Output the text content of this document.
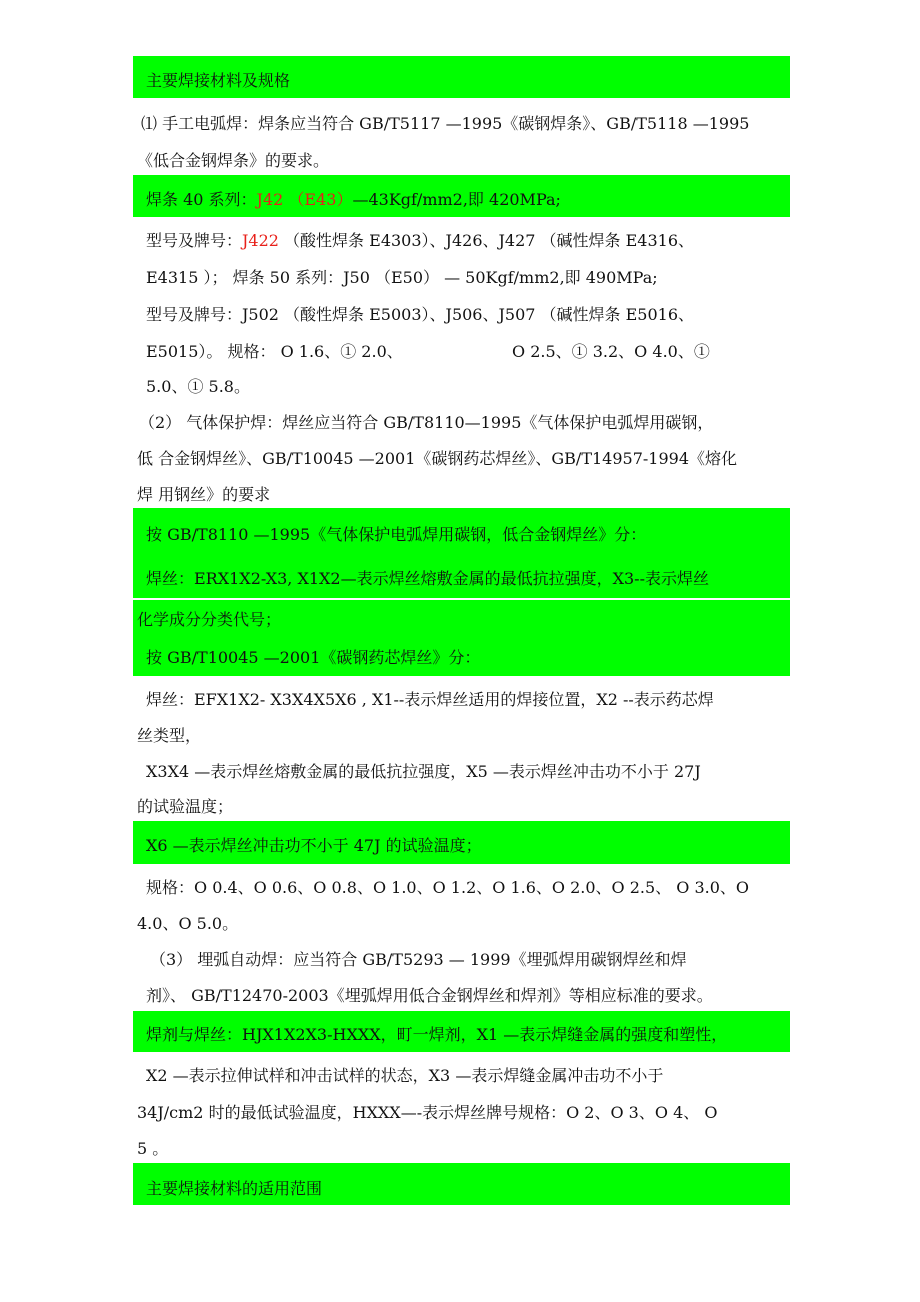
主要焊接材料及规格
⑴ 手工电弧焊：焊条应当符合 GB/T5117 —1995《碳钢焊条》、GB/T5118 —1995
《低合金钢焊条》的要求。
焊条 40 系列：J42 （E43）—43Kgf/mm2,即 420MPa;
型号及牌号：J422 （酸性焊条 E4303）、J426、J427 （碱性焊条 E4316、
E4315 ）； 焊条 50 系列：J50 （E50） — 50Kgf/mm2,即 490MPa;
型号及牌号：J502 （酸性焊条 E5003）、J506、J507 （碱性焊条 E5016、
E5015）。 规格： O 1.6、① 2.0、	O 2.5、① 3.2、O 4.0、①
5.0、① 5.8。
（2） 气体保护焊：焊丝应当符合 GB/T8110—1995《气体保护电弧焊用碳钢，
低 合金钢焊丝》、GB/T10045 —2001《碳钢药芯焊丝》、GB/T14957-1994《熔化
焊 用钢丝》的要求
按 GB/T8110 —1995《气体保护电弧焊用碳钢，低合金钢焊丝》分：
焊丝：ERX1X2-X3, X1X2—表示焊丝熔敷金属的最低抗拉强度，X3--表示焊丝
化学成分分类代号；
按 GB/T10045 —2001《碳钢药芯焊丝》分：
焊丝：EFX1X2- X3X4X5X6 , X1--表示焊丝适用的焊接位置，X2 --表示药芯焊
丝类型，
X3X4 —表示焊丝熔敷金属的最低抗拉强度，X5 —表示焊丝冲击功不小于 27J
的试验温度；
X6 —表示焊丝冲击功不小于 47J 的试验温度；
规格：O 0.4、O 0.6、O 0.8、O 1.0、O 1.2、O 1.6、O 2.0、O 2.5、 O 3.0、O
4.0、O 5.0。
（3） 埋弧自动焊：应当符合 GB/T5293 — 1999《埋弧焊用碳钢焊丝和焊
剂》、 GB/T12470-2003《埋弧焊用低合金钢焊丝和焊剂》等相应标准的要求。
焊剂与焊丝：HJX1X2X3-HXXX，町一焊剂，X1 —表示焊缝金属的强度和塑性，
X2 —表示拉伸试样和冲击试样的状态，X3 —表示焊缝金属冲击功不小于
34J/cm2 时的最低试验温度，HXXX—-表示焊丝牌号规格：O 2、O 3、O 4、 O
5 。
主要焊接材料的适用范围
